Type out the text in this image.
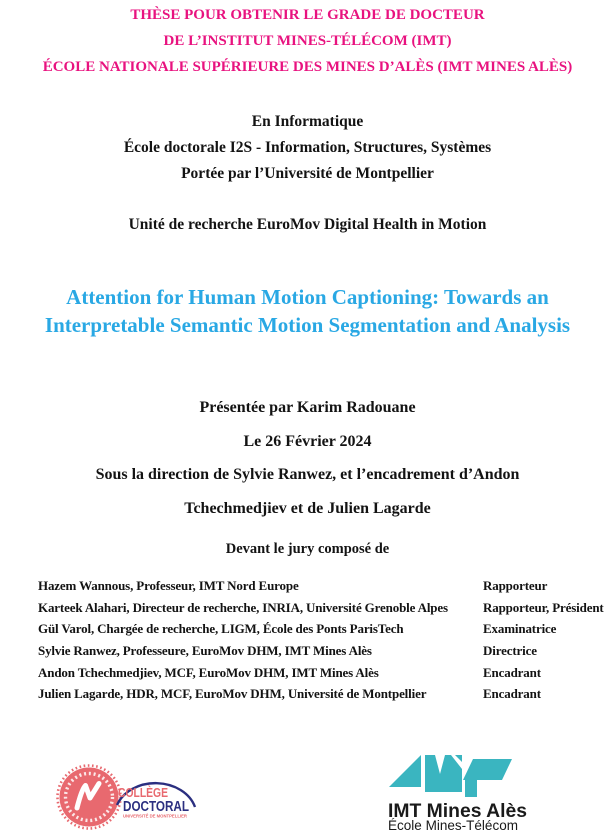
THÈSE POUR OBTENIR LE GRADE DE DOCTEUR
DE L’INSTITUT MINES-TÉLÉCOM (IMT)
ÉCOLE NATIONALE SUPÉRIEURE DES MINES D’ALÈS (IMT MINES ALÈS)
En Informatique
École doctorale I2S - Information, Structures, Systèmes
Portée par l’Université de Montpellier
Unité de recherche EuroMov Digital Health in Motion
Attention for Human Motion Captioning: Towards an
Interpretable Semantic Motion Segmentation and Analysis
Présentée par Karim Radouane
Le 26 Février 2024
Sous la direction de Sylvie Ranwez, et l’encadrement d’Andon
Tchechmedjiev et de Julien Lagarde
Devant le jury composé de
Hazem Wannous, Professeur, IMT Nord Europe	Rapporteur
Karteek Alahari, Directeur de recherche, INRIA, Université Grenoble Alpes	Rapporteur, Président
Gül Varol, Chargée de recherche, LIGM, École des Ponts ParisTech	Examinatrice
Sylvie Ranwez, Professeure, EuroMov DHM, IMT Mines Alès	Directrice
Andon Tchechmedjiev, MCF, EuroMov DHM, IMT Mines Alès	Encadrant
Julien Lagarde, HDR, MCF, EuroMov DHM, Université de Montpellier	Encadrant
COLLÈGE
DOCTORAL
UNIVERSITÉ DE MONTPELLIER	IMT Mines Alès
École Mines-Télécom
